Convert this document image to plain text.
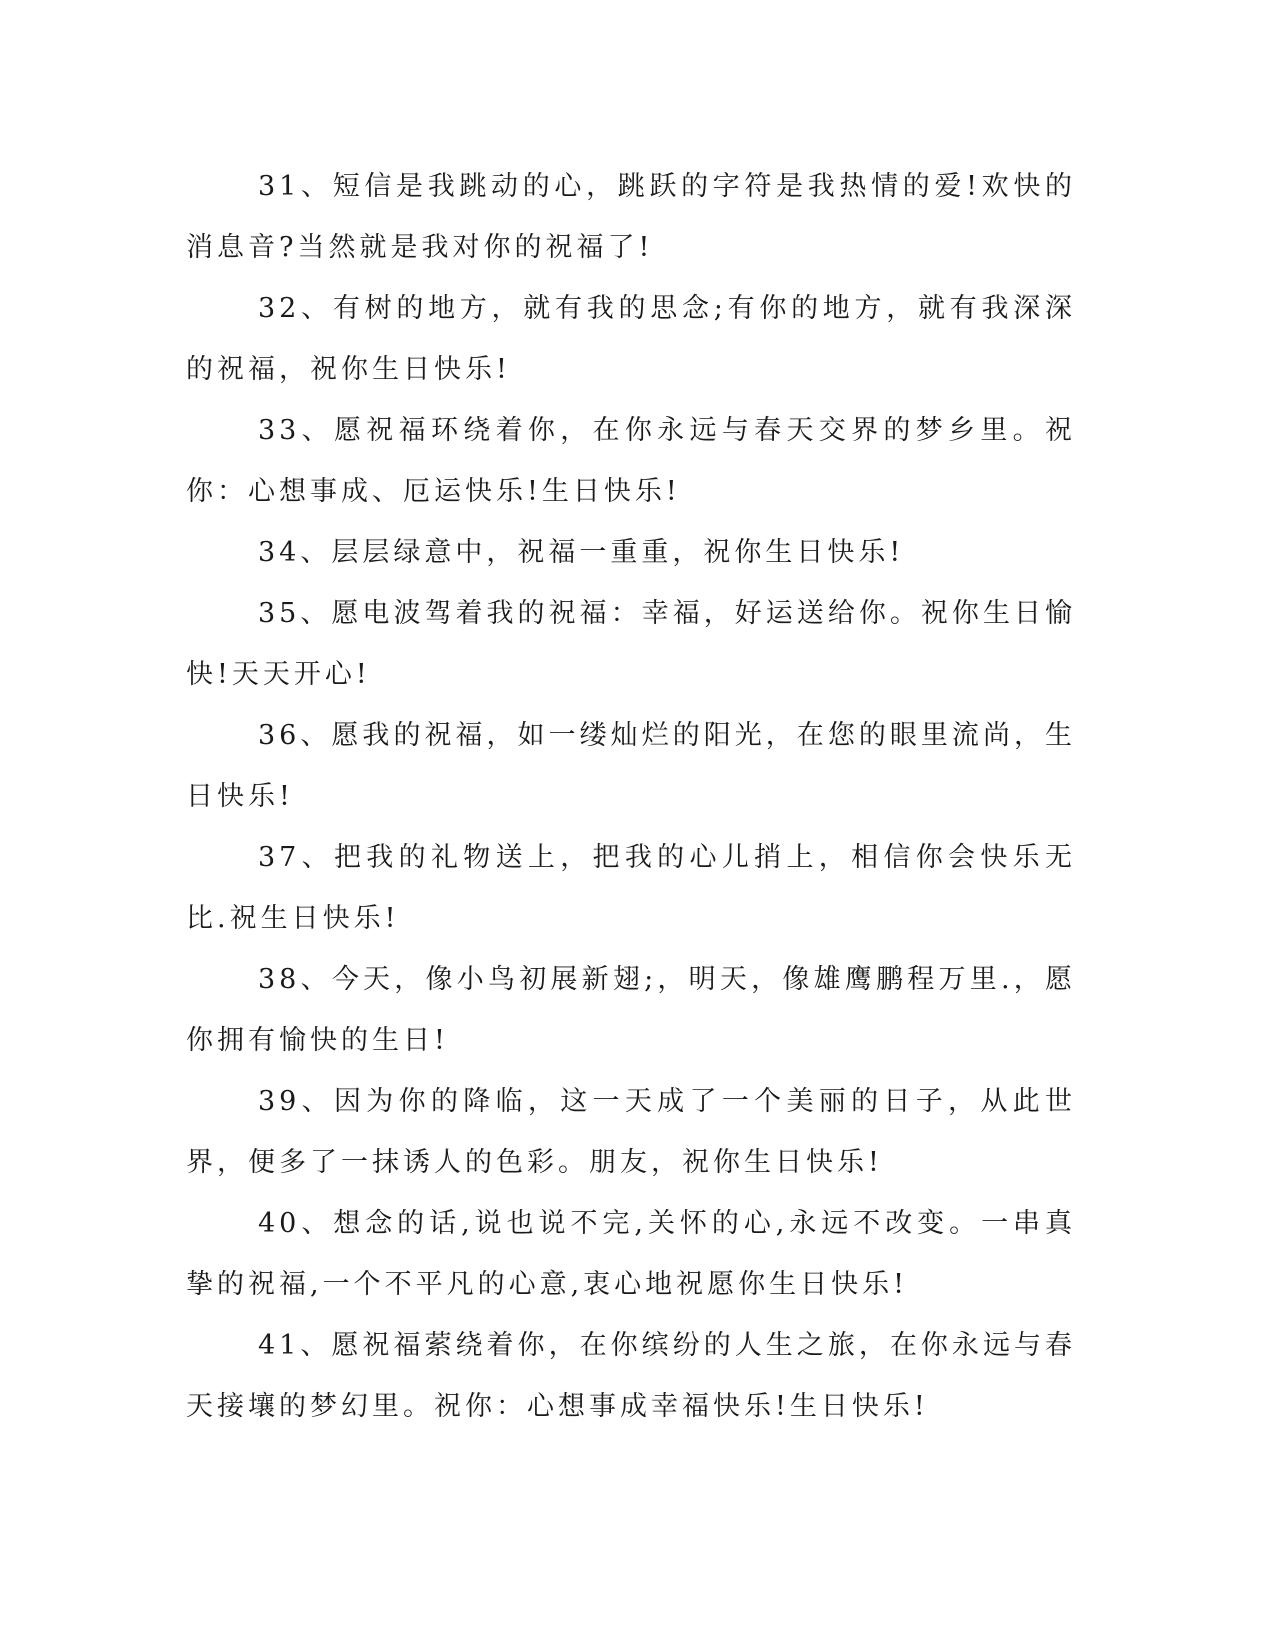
31、短信是我跳动的心，跳跃的字符是我热情的爱!欢快的消息音?当然就是我对你的祝福了!

32、有树的地方，就有我的思念;有你的地方，就有我深深的祝福，祝你生日快乐!

33、愿祝福环绕着你，在你永远与春天交界的梦乡里。祝你：心想事成、厄运快乐!生日快乐!

34、层层绿意中，祝福一重重，祝你生日快乐!

35、愿电波驾着我的祝福：幸福，好运送给你。祝你生日愉快!天天开心!

36、愿我的祝福，如一缕灿烂的阳光，在您的眼里流尚，生日快乐!

37、把我的礼物送上，把我的心儿捎上，相信你会快乐无比.祝生日快乐!

38、今天，像小鸟初展新翅;，明天，像雄鹰鹏程万里.，愿你拥有愉快的生日!

39、因为你的降临，这一天成了一个美丽的日子，从此世界，便多了一抹诱人的色彩。朋友，祝你生日快乐!

40、想念的话,说也说不完,关怀的心,永远不改变。一串真挚的祝福,一个不平凡的心意,衷心地祝愿你生日快乐!

41、愿祝福萦绕着你，在你缤纷的人生之旅，在你永远与春天接壤的梦幻里。祝你：心想事成幸福快乐!生日快乐!
